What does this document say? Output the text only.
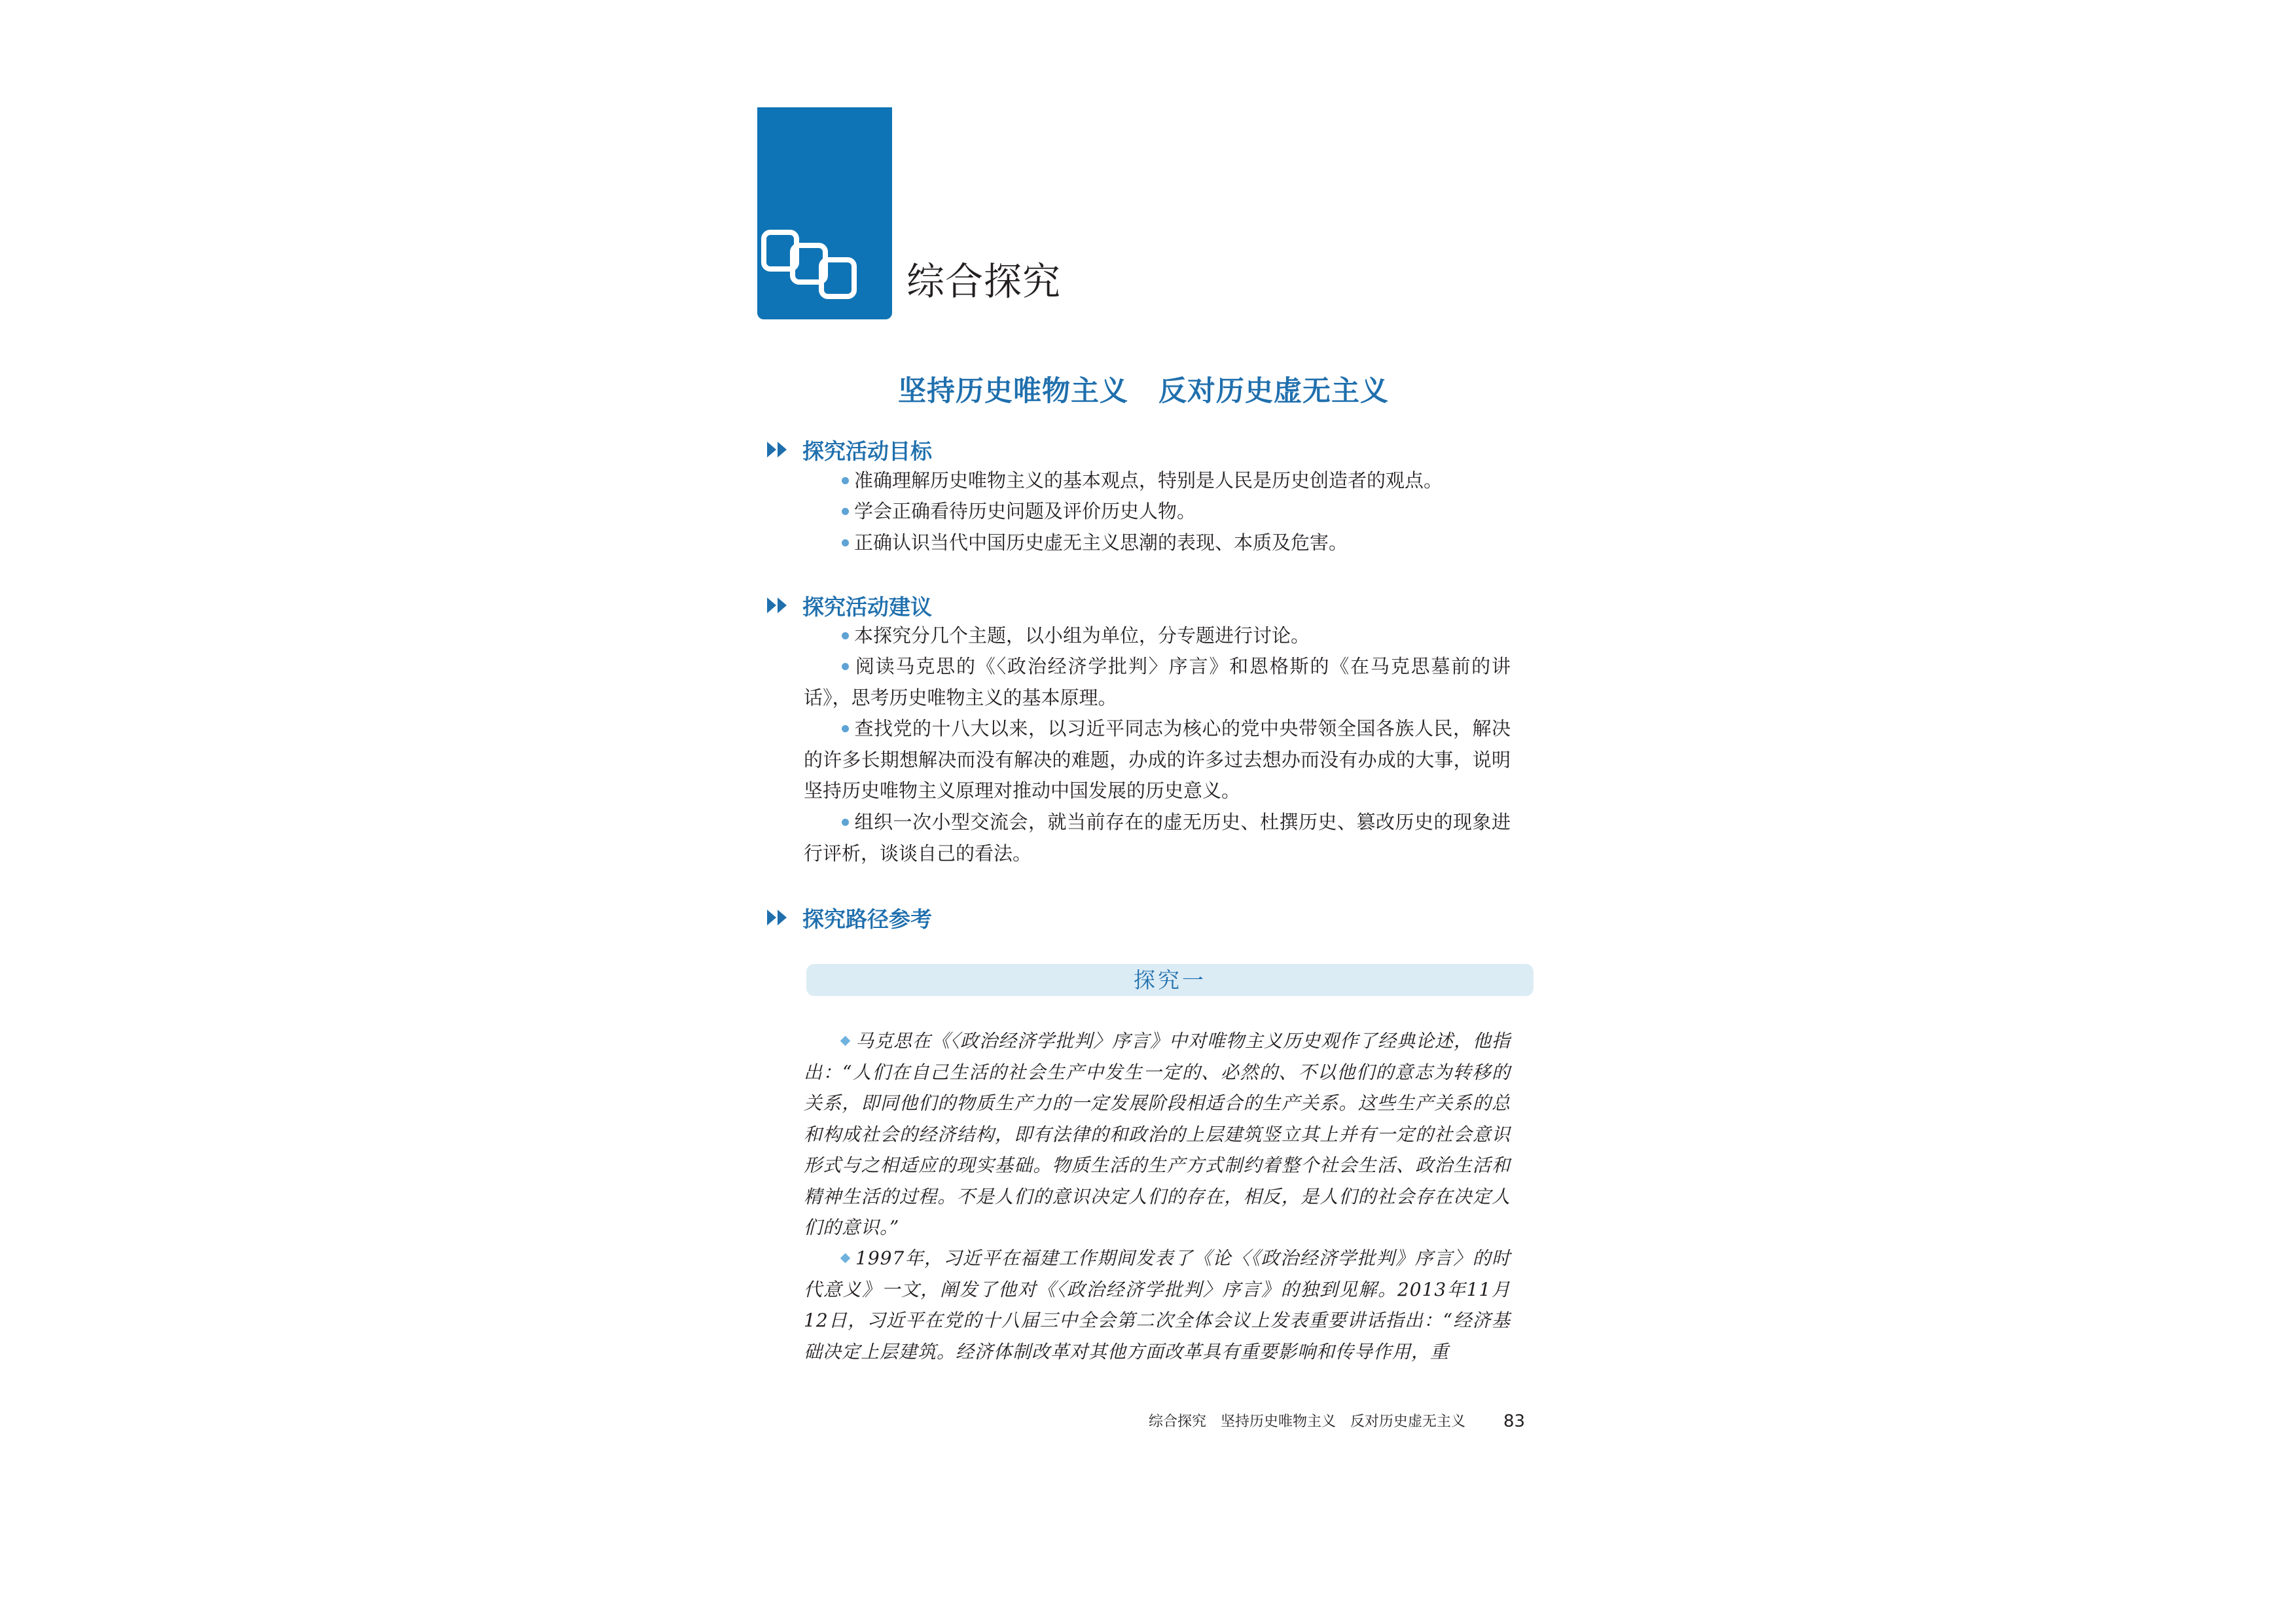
综合探究
坚持历史唯物主义 反对历史虚无主义
探究活动目标
准确理解历史唯物主义的基本观点，特别是人民是历史创造者的观点。
学会正确看待历史问题及评价历史人物。
正确认识当代中国历史虚无主义思潮的表现、本质及危害。
探究活动建议
本探究分几个主题，以小组为单位，分专题进行讨论。
阅读马克思的《〈政治经济学批判〉序言》和恩格斯的《在马克思墓前的讲话》，思考历史唯物主义的基本原理。
查找党的十八大以来，以习近平同志为核心的党中央带领全国各族人民，解决的许多长期想解决而没有解决的难题，办成的许多过去想办而没有办成的大事，说明坚持历史唯物主义原理对推动中国发展的历史意义。
组织一次小型交流会，就当前存在的虚无历史、杜撰历史、篡改历史的现象进行评析，谈谈自己的看法。
探究路径参考
探究一
马克思在《〈政治经济学批判〉序言》中对唯物主义历史观作了经典论述，他指出：“人们在自己生活的社会生产中发生一定的、必然的、不以他们的意志为转移的关系，即同他们的物质生产力的一定发展阶段相适合的生产关系。这些生产关系的总和构成社会的经济结构，即有法律的和政治的上层建筑竖立其上并有一定的社会意识形式与之相适应的现实基础。物质生活的生产方式制约着整个社会生活、政治生活和精神生活的过程。不是人们的意识决定人们的存在，相反，是人们的社会存在决定人们的意识。”
1997年，习近平在福建工作期间发表了《论〈《政治经济学批判》序言〉的时代意义》一文，阐发了他对《〈政治经济学批判〉序言》的独到见解。2013年11月12日，习近平在党的十八届三中全会第二次全体会议上发表重要讲话指出：“经济基础决定上层建筑。经济体制改革对其他方面改革具有重要影响和传导作用，重
综合探究 坚持历史唯物主义 反对历史虚无主义 83
